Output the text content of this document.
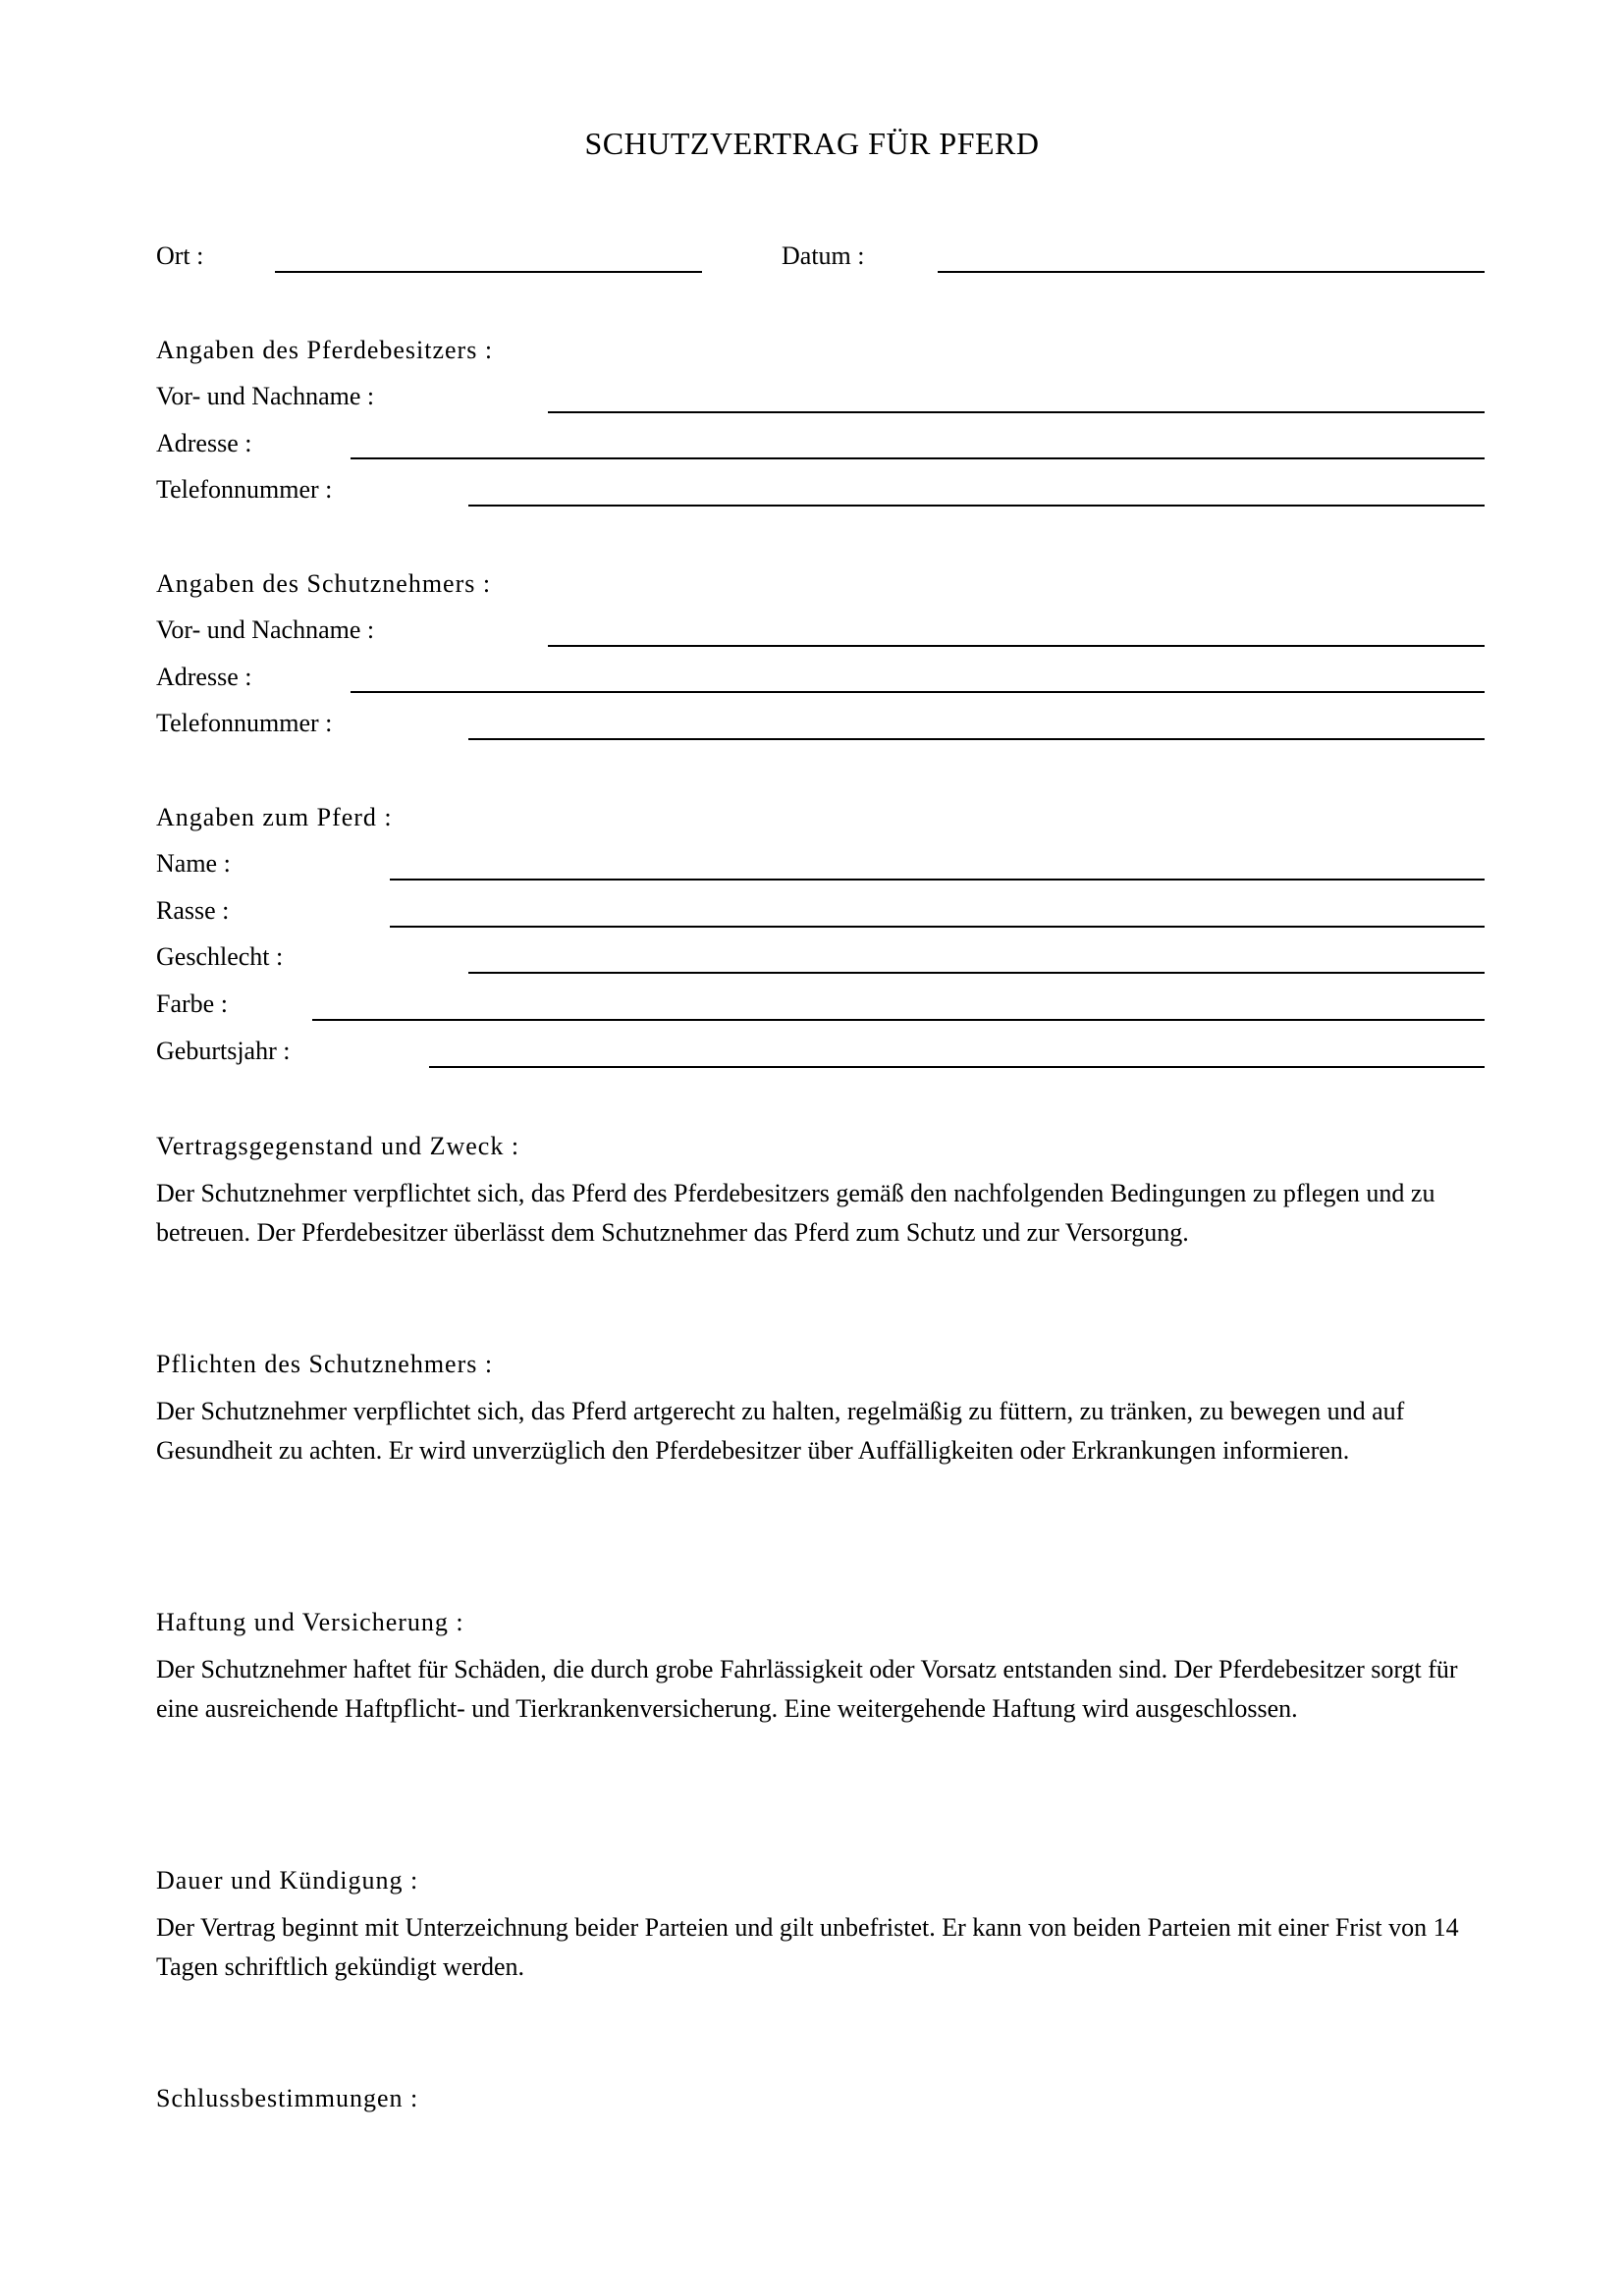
SCHUTZVERTRAG FÜR PFERD
Ort :	Datum :
Angaben des Pferdebesitzers :
Vor- und Nachname :
Adresse :
Telefonnummer :
Angaben des Schutznehmers :
Vor- und Nachname :
Adresse :
Telefonnummer :
Angaben zum Pferd :
Name :
Rasse :
Geschlecht :
Farbe :
Geburtsjahr :
Vertragsgegenstand und Zweck :
Der Schutznehmer verpflichtet sich, das Pferd des Pferdebesitzers gemäß den nachfolgenden Bedingungen zu pflegen und zu betreuen. Der Pferdebesitzer überlässt dem Schutznehmer das Pferd zum Schutz und zur Versorgung.
Pflichten des Schutznehmers :
Der Schutznehmer verpflichtet sich, das Pferd artgerecht zu halten, regelmäßig zu füttern, zu tränken, zu bewegen und auf Gesundheit zu achten. Er wird unverzüglich den Pferdebesitzer über Auffälligkeiten oder Erkrankungen informieren.
Haftung und Versicherung :
Der Schutznehmer haftet für Schäden, die durch grobe Fahrlässigkeit oder Vorsatz entstanden sind. Der Pferdebesitzer sorgt für eine ausreichende Haftpflicht- und Tierkrankenversicherung. Eine weitergehende Haftung wird ausgeschlossen.
Dauer und Kündigung :
Der Vertrag beginnt mit Unterzeichnung beider Parteien und gilt unbefristet. Er kann von beiden Parteien mit einer Frist von 14 Tagen schriftlich gekündigt werden.
Schlussbestimmungen :
